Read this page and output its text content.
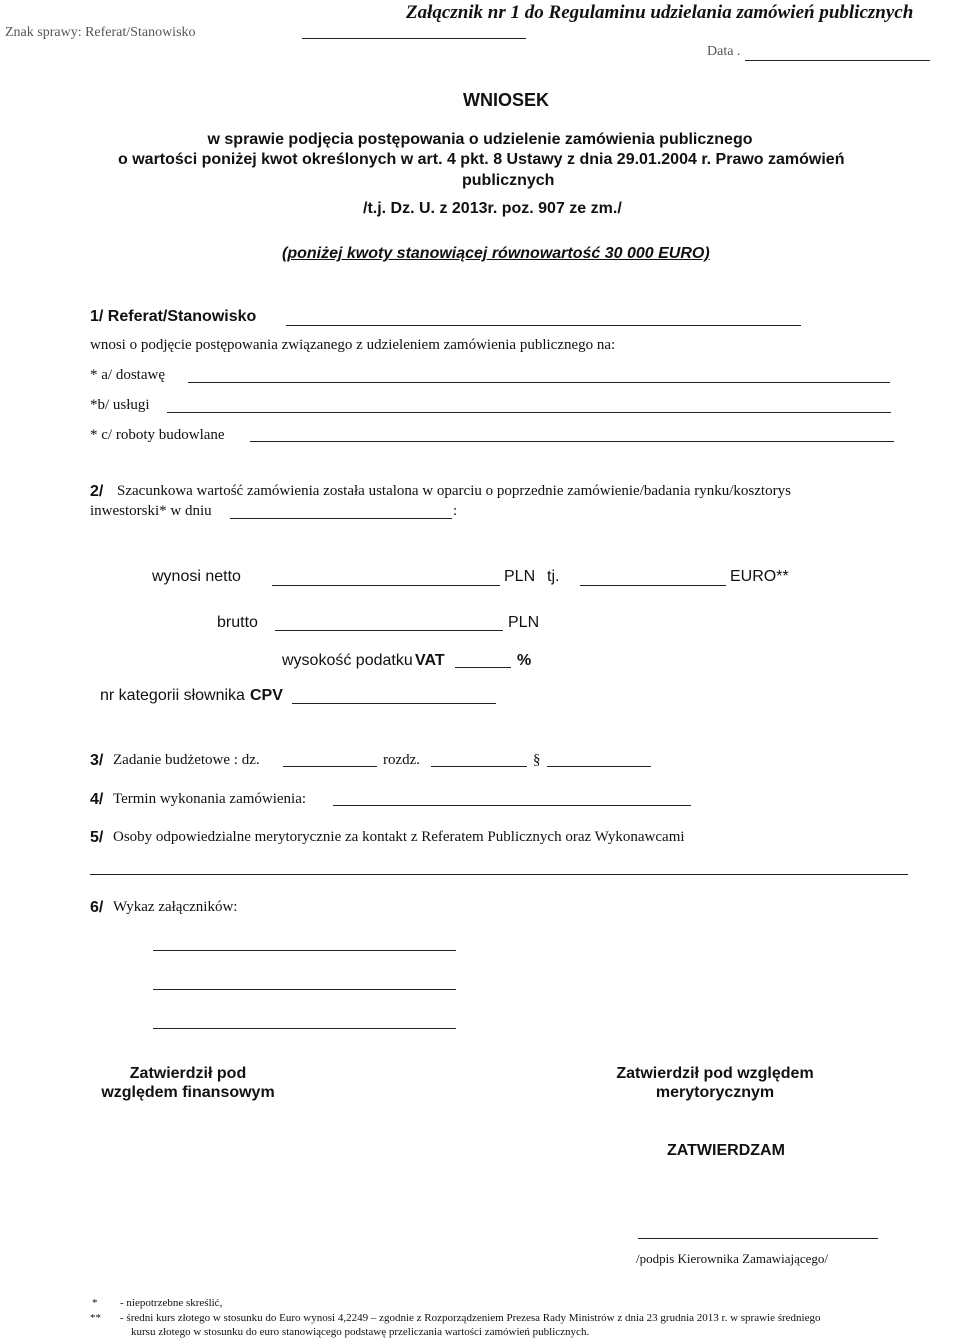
Załącznik nr 1 do Regulaminu udzielania zamówień publicznych
Znak sprawy: Referat/Stanowisko
Data .
WNIOSEK
w sprawie podjęcia postępowania o udzielenie zamówienia publicznego
o wartości poniżej kwot określonych w art. 4 pkt. 8 Ustawy z dnia 29.01.2004 r. Prawo zamówień
publicznych
/t.j. Dz. U. z 2013r. poz. 907 ze zm./
(poniżej kwoty stanowiącej równowartość 30 000 EURO)
1/ Referat/Stanowisko
wnosi o podjęcie postępowania związanego z udzieleniem zamówienia publicznego na:
* a/ dostawę
*b/ usługi
* c/ roboty budowlane
2/ Szacunkowa wartość zamówienia została ustalona w oparciu o poprzednie zamówienie/badania rynku/kosztorys
inwestorski* w dniu	:
wynosi netto	PLN tj.	EURO**
brutto	PLN
wysokość podatku VAT	%
nr kategorii słownika CPV
3/ Zadanie budżetowe : dz.	rozdz.	§
4/ Termin wykonania zamówienia:
5/ Osoby odpowiedzialne merytorycznie za kontakt z Referatem Publicznych oraz Wykonawcami
6/ Wykaz załączników:
Zatwierdził pod
względem finansowym
Zatwierdził pod względem
merytorycznym
ZATWIERDZAM
/podpis Kierownika Zamawiającego/
* - niepotrzebne skreślić,
** - średni kurs złotego w stosunku do Euro wynosi 4,2249 – zgodnie z Rozporządzeniem Prezesa Rady Ministrów z dnia 23 grudnia 2013 r. w sprawie średniego
kursu złotego w stosunku do euro stanowiącego podstawę przeliczania wartości zamówień publicznych.
